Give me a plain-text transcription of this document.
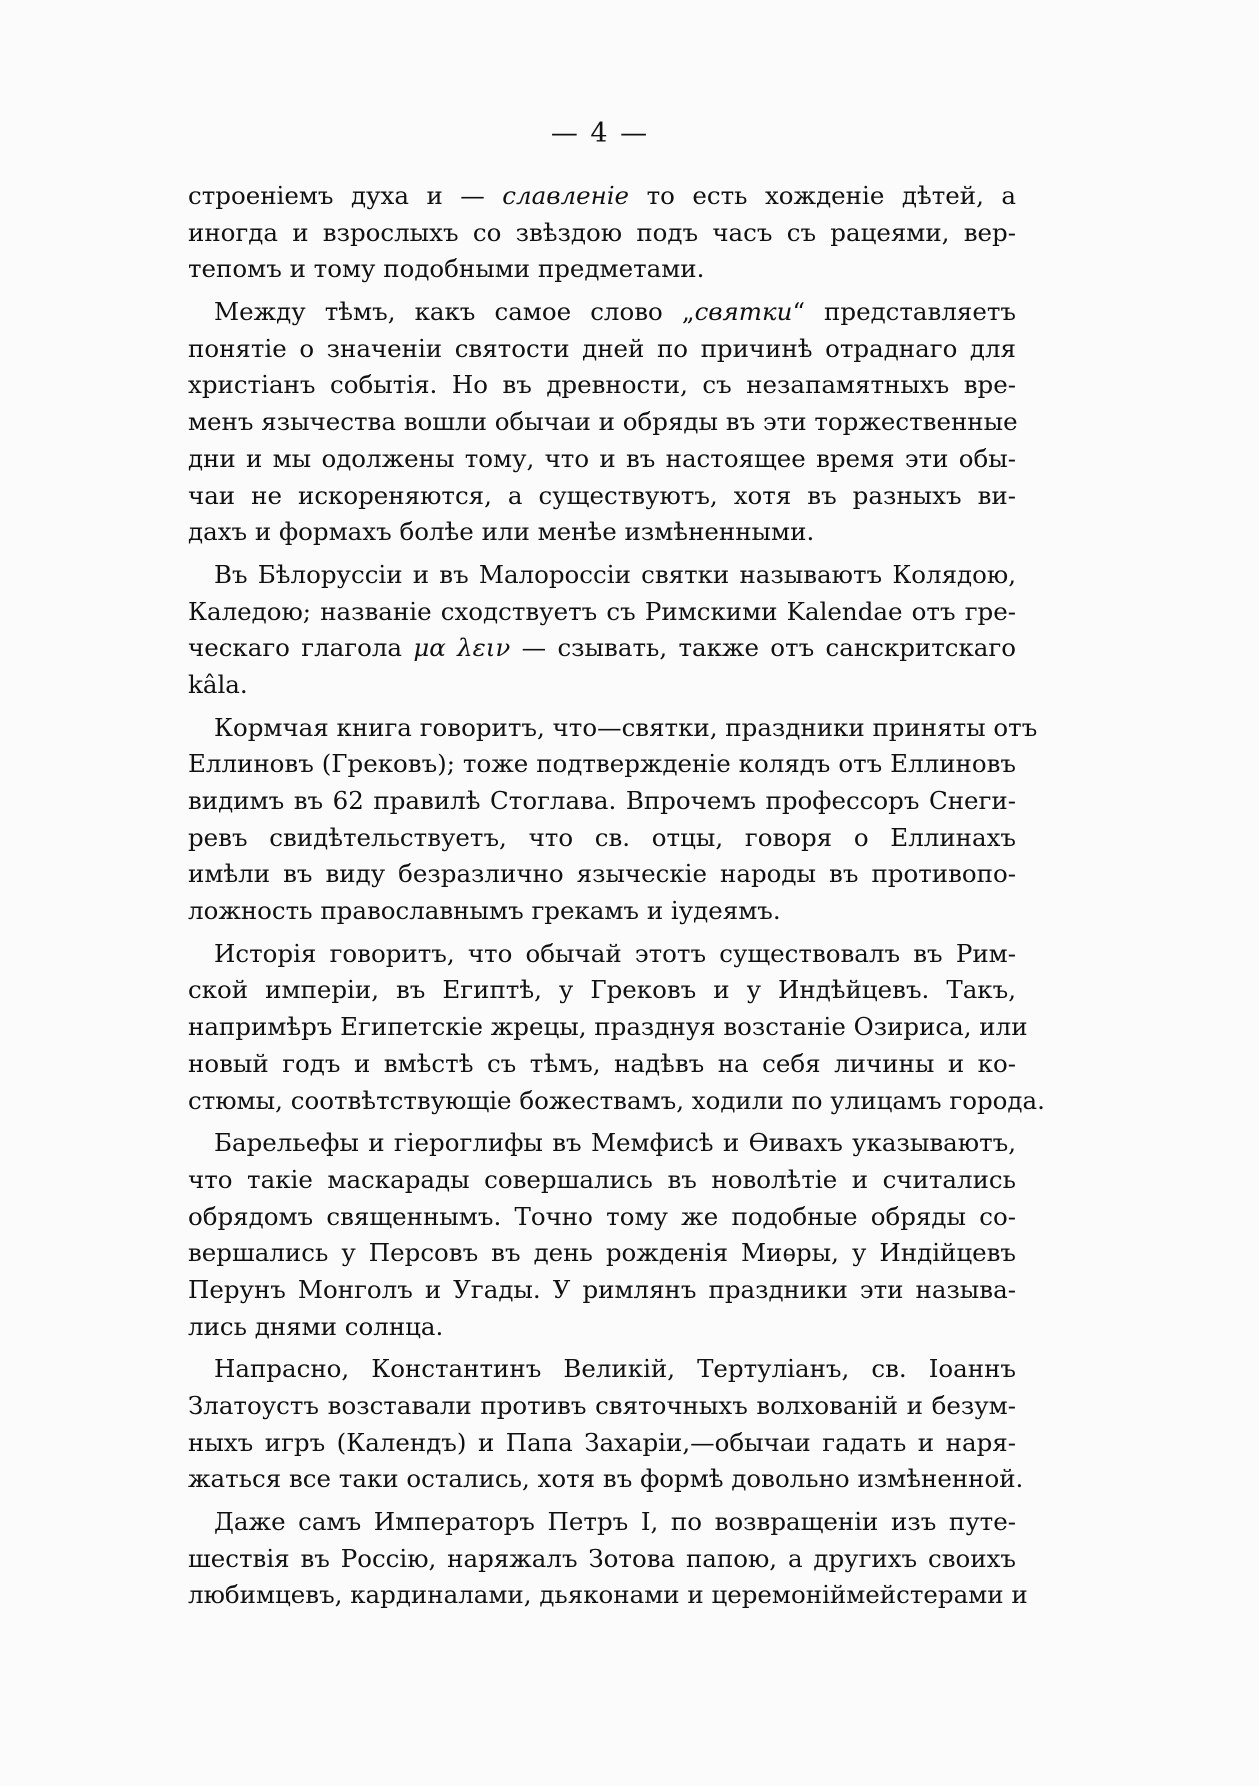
— 4 —
строеніемъ духа и — славленіе то есть хожденіе дѣтей, а
иногда и взрослыхъ со звѣздою подъ часъ съ рацеями, вер-
тепомъ и тому подобными предметами.
Между тѣмъ, какъ самое слово „святки“ представляетъ
понятіе о значеніи святости дней по причинѣ отраднаго для
христіанъ событія. Но въ древности, съ незапамятныхъ вре-
менъ язычества вошли обычаи и обряды въ эти торжественные
дни и мы одолжены тому, что и въ настоящее время эти обы-
чаи не искореняются, а существуютъ, хотя въ разныхъ ви-
дахъ и формахъ болѣе или менѣе измѣненными.
Въ Бѣлоруссіи и въ Малороссіи святки называютъ Колядою,
Каледою; названіе сходствуетъ съ Римскими Kalendae отъ гре-
ческаго глагола μα λειν — сзывать, также отъ санскритскаго
kâla.
Кормчая книга говоритъ, что—святки, праздники приняты отъ
Еллиновъ (Грековъ); тоже подтвержденіе колядъ отъ Еллиновъ
видимъ въ 62 правилѣ Стоглава. Впрочемъ профессоръ Снеги-
ревъ свидѣтельствуетъ, что св. отцы, говоря о Еллинахъ
имѣли въ виду безразлично языческіе народы въ противопо-
ложность православнымъ грекамъ и іудеямъ.
Исторія говоритъ, что обычай этотъ существовалъ въ Рим-
ской имперіи, въ Египтѣ, у Грековъ и у Индѣйцевъ. Такъ,
напримѣръ Египетскіе жрецы, празднуя возстаніе Озириса, или
новый годъ и вмѣстѣ съ тѣмъ, надѣвъ на себя личины и ко-
стюмы, соотвѣтствующіе божествамъ, ходили по улицамъ города.
Барельефы и гіероглифы въ Мемфисѣ и Ѳивахъ указываютъ,
что такіе маскарады совершались въ новолѣтіе и считались
обрядомъ священнымъ. Точно тому же подобные обряды со-
вершались у Персовъ въ день рожденія Миѳры, у Индійцевъ
Перунъ Монголъ и Угады. У римлянъ праздники эти называ-
лись днями солнца.
Напрасно, Константинъ Великій, Тертуліанъ, св. Іоаннъ
Златоустъ возставали противъ святочныхъ волхованій и безум-
ныхъ игръ (Календъ) и Папа Захаріи,—обычаи гадать и наря-
жаться все таки остались, хотя въ формѣ довольно измѣненной.
Даже самъ Императоръ Петръ I, по возвращеніи изъ путе-
шествія въ Россію, наряжалъ Зотова папою, а другихъ своихъ
любимцевъ, кардиналами, дьяконами и церемонiймейстерами и
